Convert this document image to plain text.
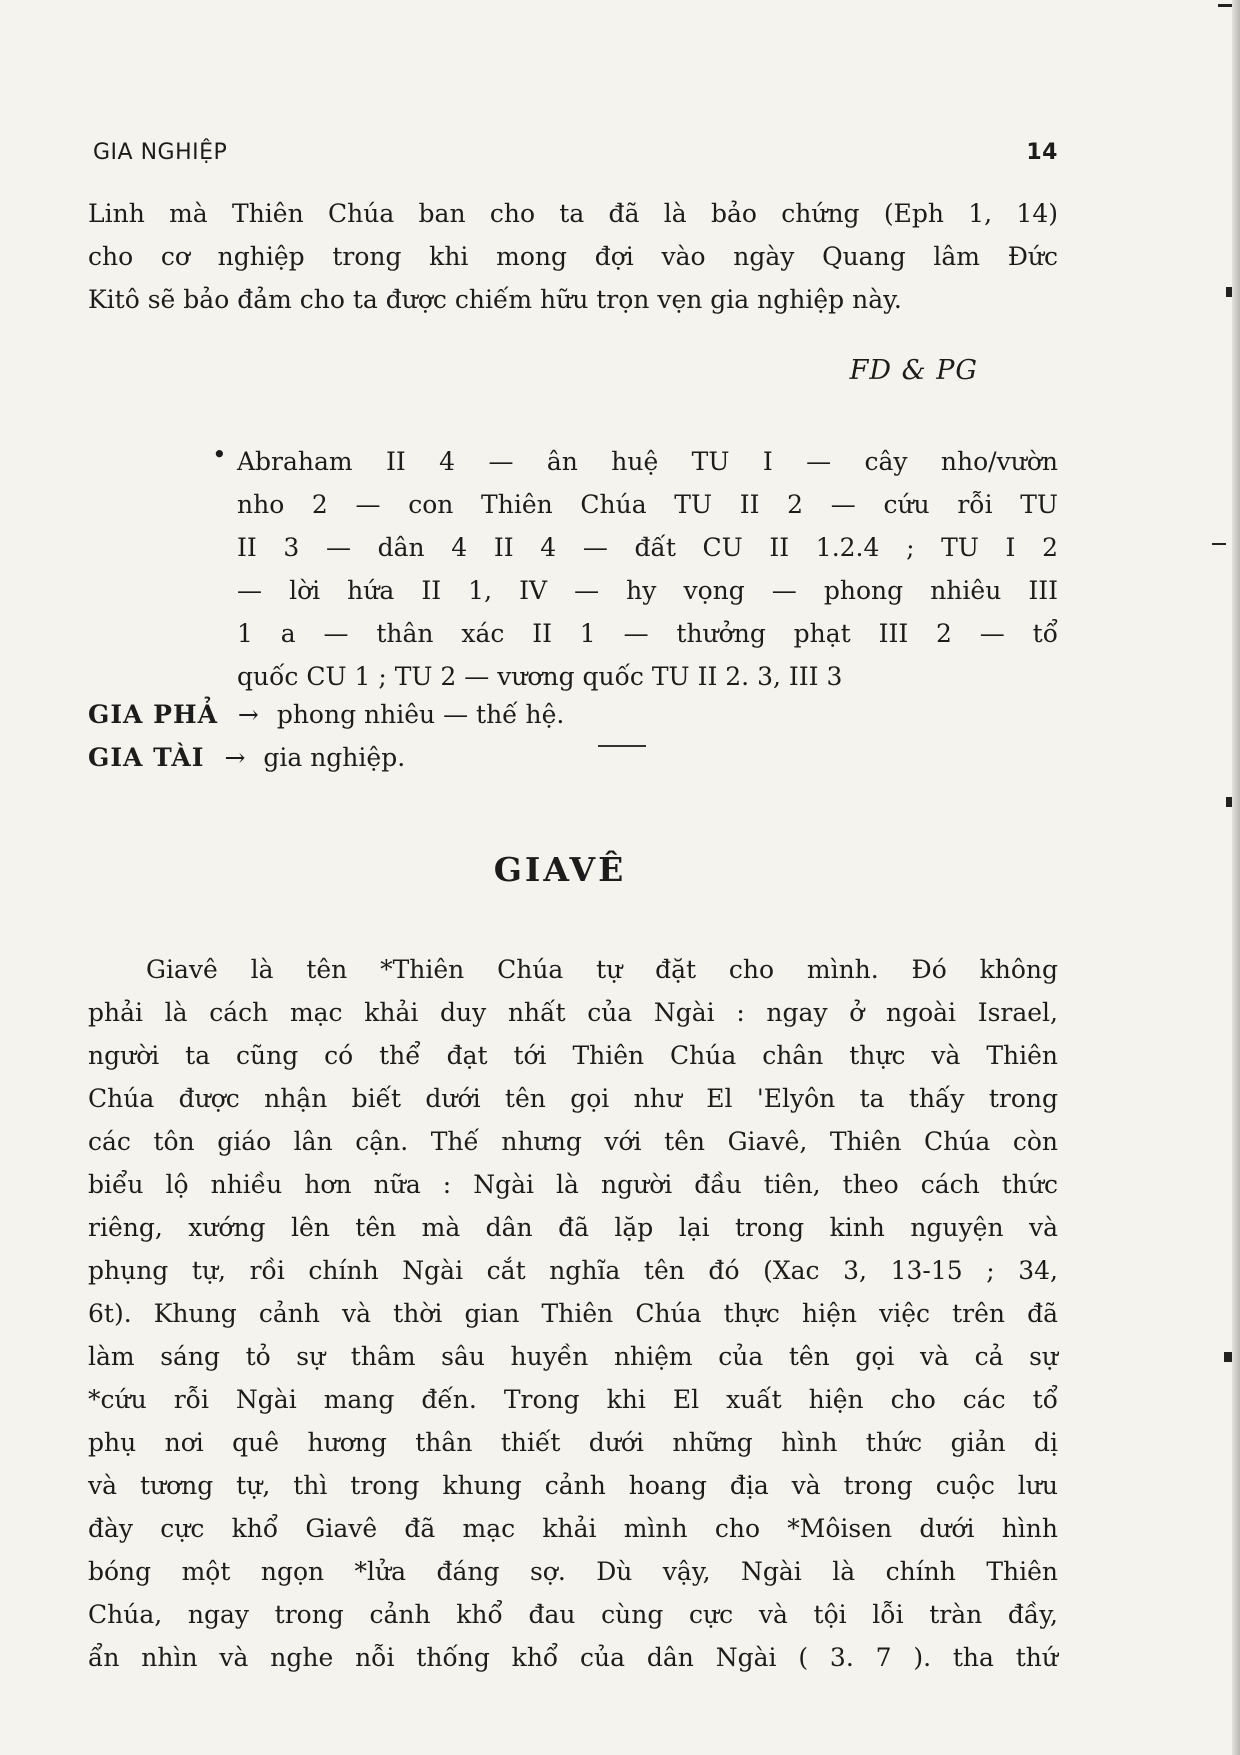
GIA NGHIỆP	14
Linh mà Thiên Chúa ban cho ta đã là bảo chứng (Eph 1, 14)
cho cơ nghiệp trong khi mong đợi vào ngày Quang lâm Đức
Kitô sẽ bảo đảm cho ta được chiếm hữu trọn vẹn gia nghiệp này.
FD & PG
• Abraham II 4 — ân huệ TU I — cây nho/vườn
nho 2 — con Thiên Chúa TU II 2 — cứu rỗi TU
II 3 — dân 4 II 4 — đất CU II 1.2.4 ; TU I 2
— lời hứa II 1, IV — hy vọng — phong nhiêu III
1 a — thân xác II 1 — thưởng phạt III 2 — tổ
quốc CU 1 ; TU 2 — vương quốc TU II 2. 3, III 3
GIA PHẢ → phong nhiêu — thế hệ.
GIA TÀI → gia nghiệp.
GIAVÊ
Giavê là tên *Thiên Chúa tự đặt cho mình. Đó không
phải là cách mạc khải duy nhất của Ngài : ngay ở ngoài Israel,
người ta cũng có thể đạt tới Thiên Chúa chân thực và Thiên
Chúa được nhận biết dưới tên gọi như El 'Elyôn ta thấy trong
các tôn giáo lân cận. Thế nhưng với tên Giavê, Thiên Chúa còn
biểu lộ nhiều hơn nữa : Ngài là người đầu tiên, theo cách thức
riêng, xướng lên tên mà dân đã lặp lại trong kinh nguyện và
phụng tự, rồi chính Ngài cắt nghĩa tên đó (Xac 3, 13-15 ; 34,
6t). Khung cảnh và thời gian Thiên Chúa thực hiện việc trên đã
làm sáng tỏ sự thâm sâu huyền nhiệm của tên gọi và cả sự
*cứu rỗi Ngài mang đến. Trong khi El xuất hiện cho các tổ
phụ nơi quê hương thân thiết dưới những hình thức giản dị
và tương tự, thì trong khung cảnh hoang địa và trong cuộc lưu
đày cực khổ Giavê đã mạc khải mình cho *Môisen dưới hình
bóng một ngọn *lửa đáng sợ. Dù vậy, Ngài là chính Thiên
Chúa, ngay trong cảnh khổ đau cùng cực và tội lỗi tràn đầy,
ẩn nhìn và nghe nỗi thống khổ của dân Ngài ( 3. 7 ). tha thứ
